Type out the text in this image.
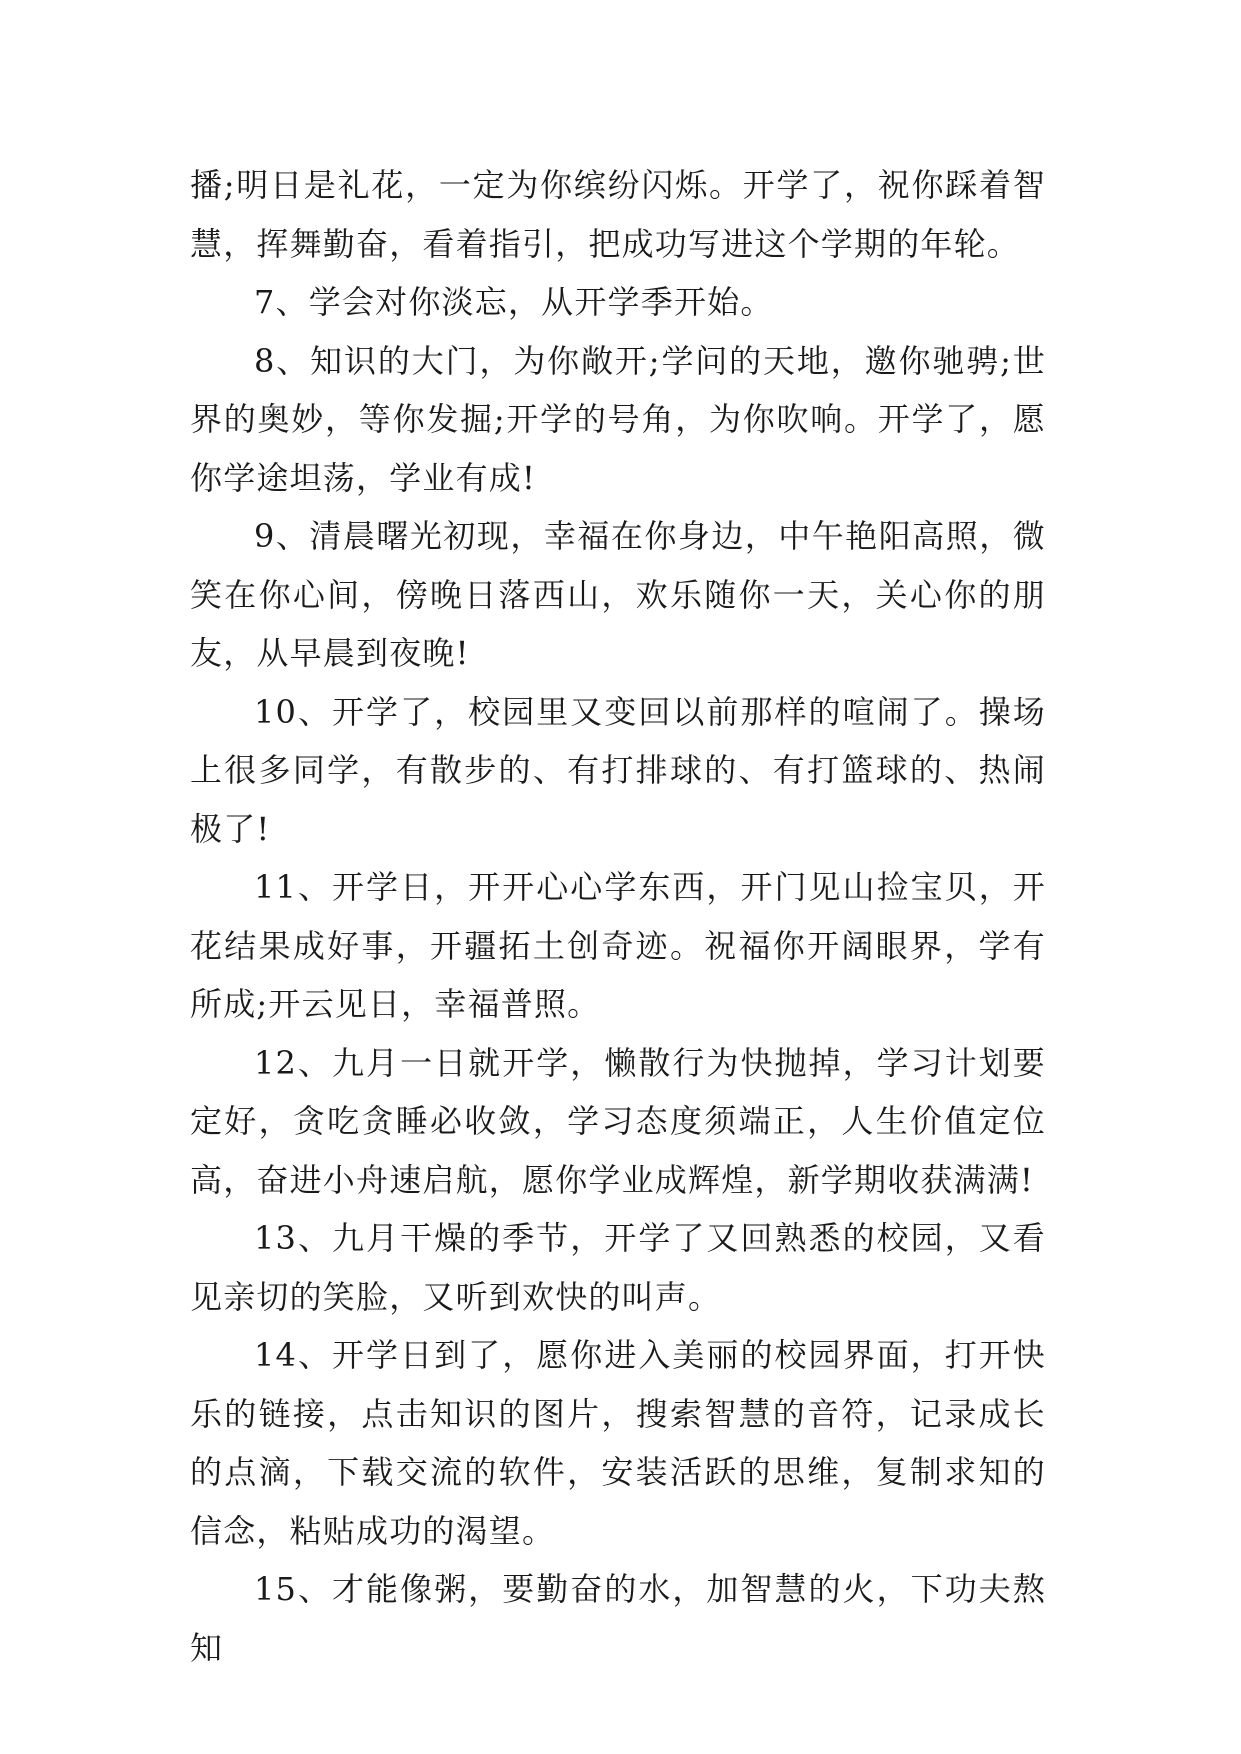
播;明日是礼花，一定为你缤纷闪烁。开学了，祝你踩着智慧，挥舞勤奋，看着指引，把成功写进这个学期的年轮。

7、学会对你淡忘，从开学季开始。

8、知识的大门，为你敞开;学问的天地，邀你驰骋;世界的奥妙，等你发掘;开学的号角，为你吹响。开学了，愿你学途坦荡，学业有成!

9、清晨曙光初现，幸福在你身边，中午艳阳高照，微笑在你心间，傍晚日落西山，欢乐随你一天，关心你的朋友，从早晨到夜晚!

10、开学了，校园里又变回以前那样的喧闹了。操场上很多同学，有散步的、有打排球的、有打篮球的、热闹极了!

11、开学日，开开心心学东西，开门见山捡宝贝，开花结果成好事，开疆拓土创奇迹。祝福你开阔眼界，学有所成;开云见日，幸福普照。

12、九月一日就开学，懒散行为快抛掉，学习计划要定好，贪吃贪睡必收敛，学习态度须端正，人生价值定位高，奋进小舟速启航，愿你学业成辉煌，新学期收获满满!

13、九月干燥的季节，开学了又回熟悉的校园，又看见亲切的笑脸，又听到欢快的叫声。

14、开学日到了，愿你进入美丽的校园界面，打开快乐的链接，点击知识的图片，搜索智慧的音符，记录成长的点滴，下载交流的软件，安装活跃的思维，复制求知的信念，粘贴成功的渴望。

15、才能像粥，要勤奋的水，加智慧的火，下功夫熬知
